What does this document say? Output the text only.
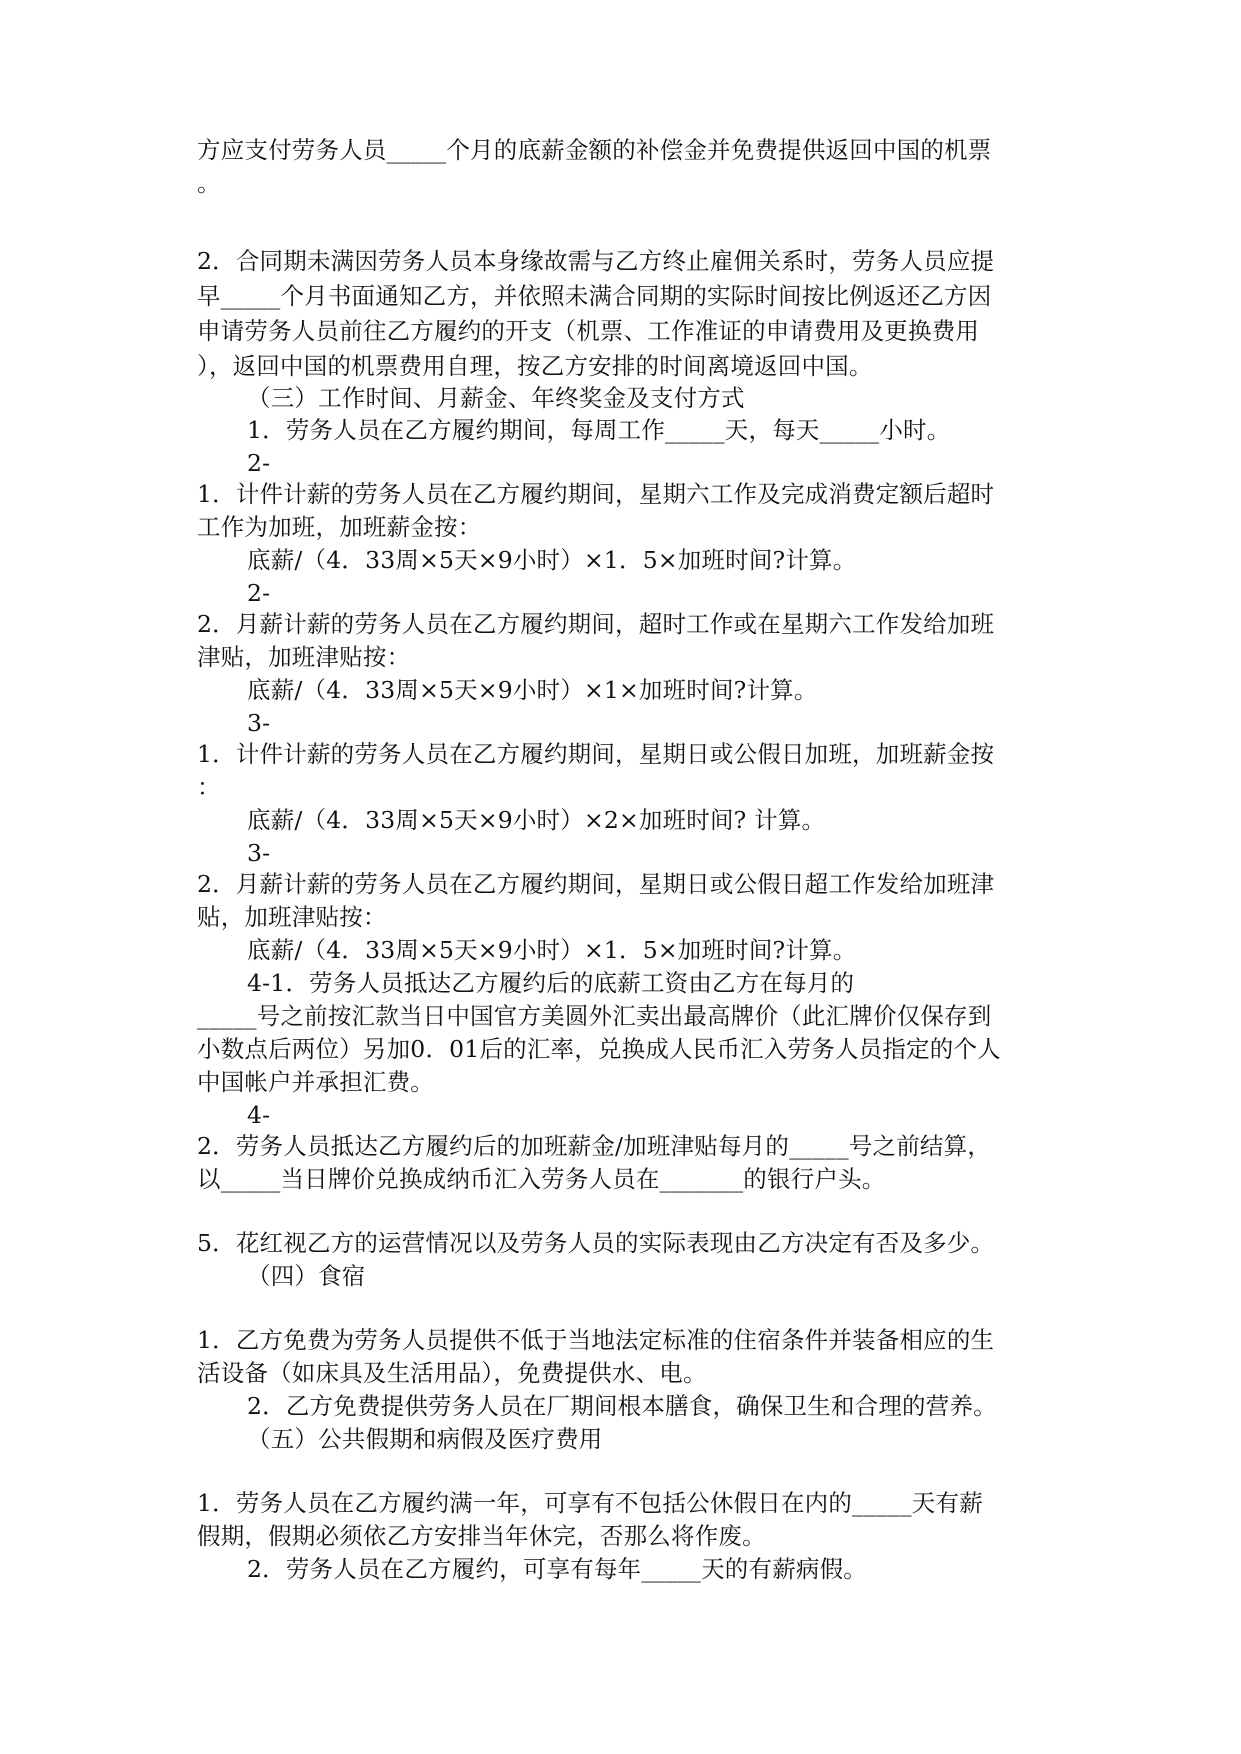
方应支付劳务人员_____个月的底薪金额的补偿金并免费提供返回中国的机票
。
2．合同期未满因劳务人员本身缘故需与乙方终止雇佣关系时，劳务人员应提
早_____个月书面通知乙方，并依照未满合同期的实际时间按比例返还乙方因
申请劳务人员前往乙方履约的开支（机票、工作准证的申请费用及更换费用
），返回中国的机票费用自理，按乙方安排的时间离境返回中国。
（三）工作时间、月薪金、年终奖金及支付方式
1．劳务人员在乙方履约期间，每周工作_____天，每天_____小时。
2-
1．计件计薪的劳务人员在乙方履约期间，星期六工作及完成消费定额后超时
工作为加班，加班薪金按：
底薪/（4．33周×5天×9小时）×1．5×加班时间?计算。
2-
2．月薪计薪的劳务人员在乙方履约期间，超时工作或在星期六工作发给加班
津贴，加班津贴按：
底薪/（4．33周×5天×9小时）×1×加班时间?计算。
3-
1．计件计薪的劳务人员在乙方履约期间，星期日或公假日加班，加班薪金按
：
底薪/（4．33周×5天×9小时）×2×加班时间? 计算。
3-
2．月薪计薪的劳务人员在乙方履约期间，星期日或公假日超工作发给加班津
贴，加班津贴按：
底薪/（4．33周×5天×9小时）×1．5×加班时间?计算。
4-1．劳务人员抵达乙方履约后的底薪工资由乙方在每月的
_____号之前按汇款当日中国官方美圆外汇卖出最高牌价（此汇牌价仅保存到
小数点后两位）另加0．01后的汇率，兑换成人民币汇入劳务人员指定的个人
中国帐户并承担汇费。
4-
2．劳务人员抵达乙方履约后的加班薪金/加班津贴每月的_____号之前结算，
以_____当日牌价兑换成纳币汇入劳务人员在_______的银行户头。
5．花红视乙方的运营情况以及劳务人员的实际表现由乙方决定有否及多少。
（四）食宿
1．乙方免费为劳务人员提供不低于当地法定标准的住宿条件并装备相应的生
活设备（如床具及生活用品），免费提供水、电。
2．乙方免费提供劳务人员在厂期间根本膳食，确保卫生和合理的营养。
（五）公共假期和病假及医疗费用
1．劳务人员在乙方履约满一年，可享有不包括公休假日在内的_____天有薪
假期，假期必须依乙方安排当年休完，否那么将作废。
2．劳务人员在乙方履约，可享有每年_____天的有薪病假。
